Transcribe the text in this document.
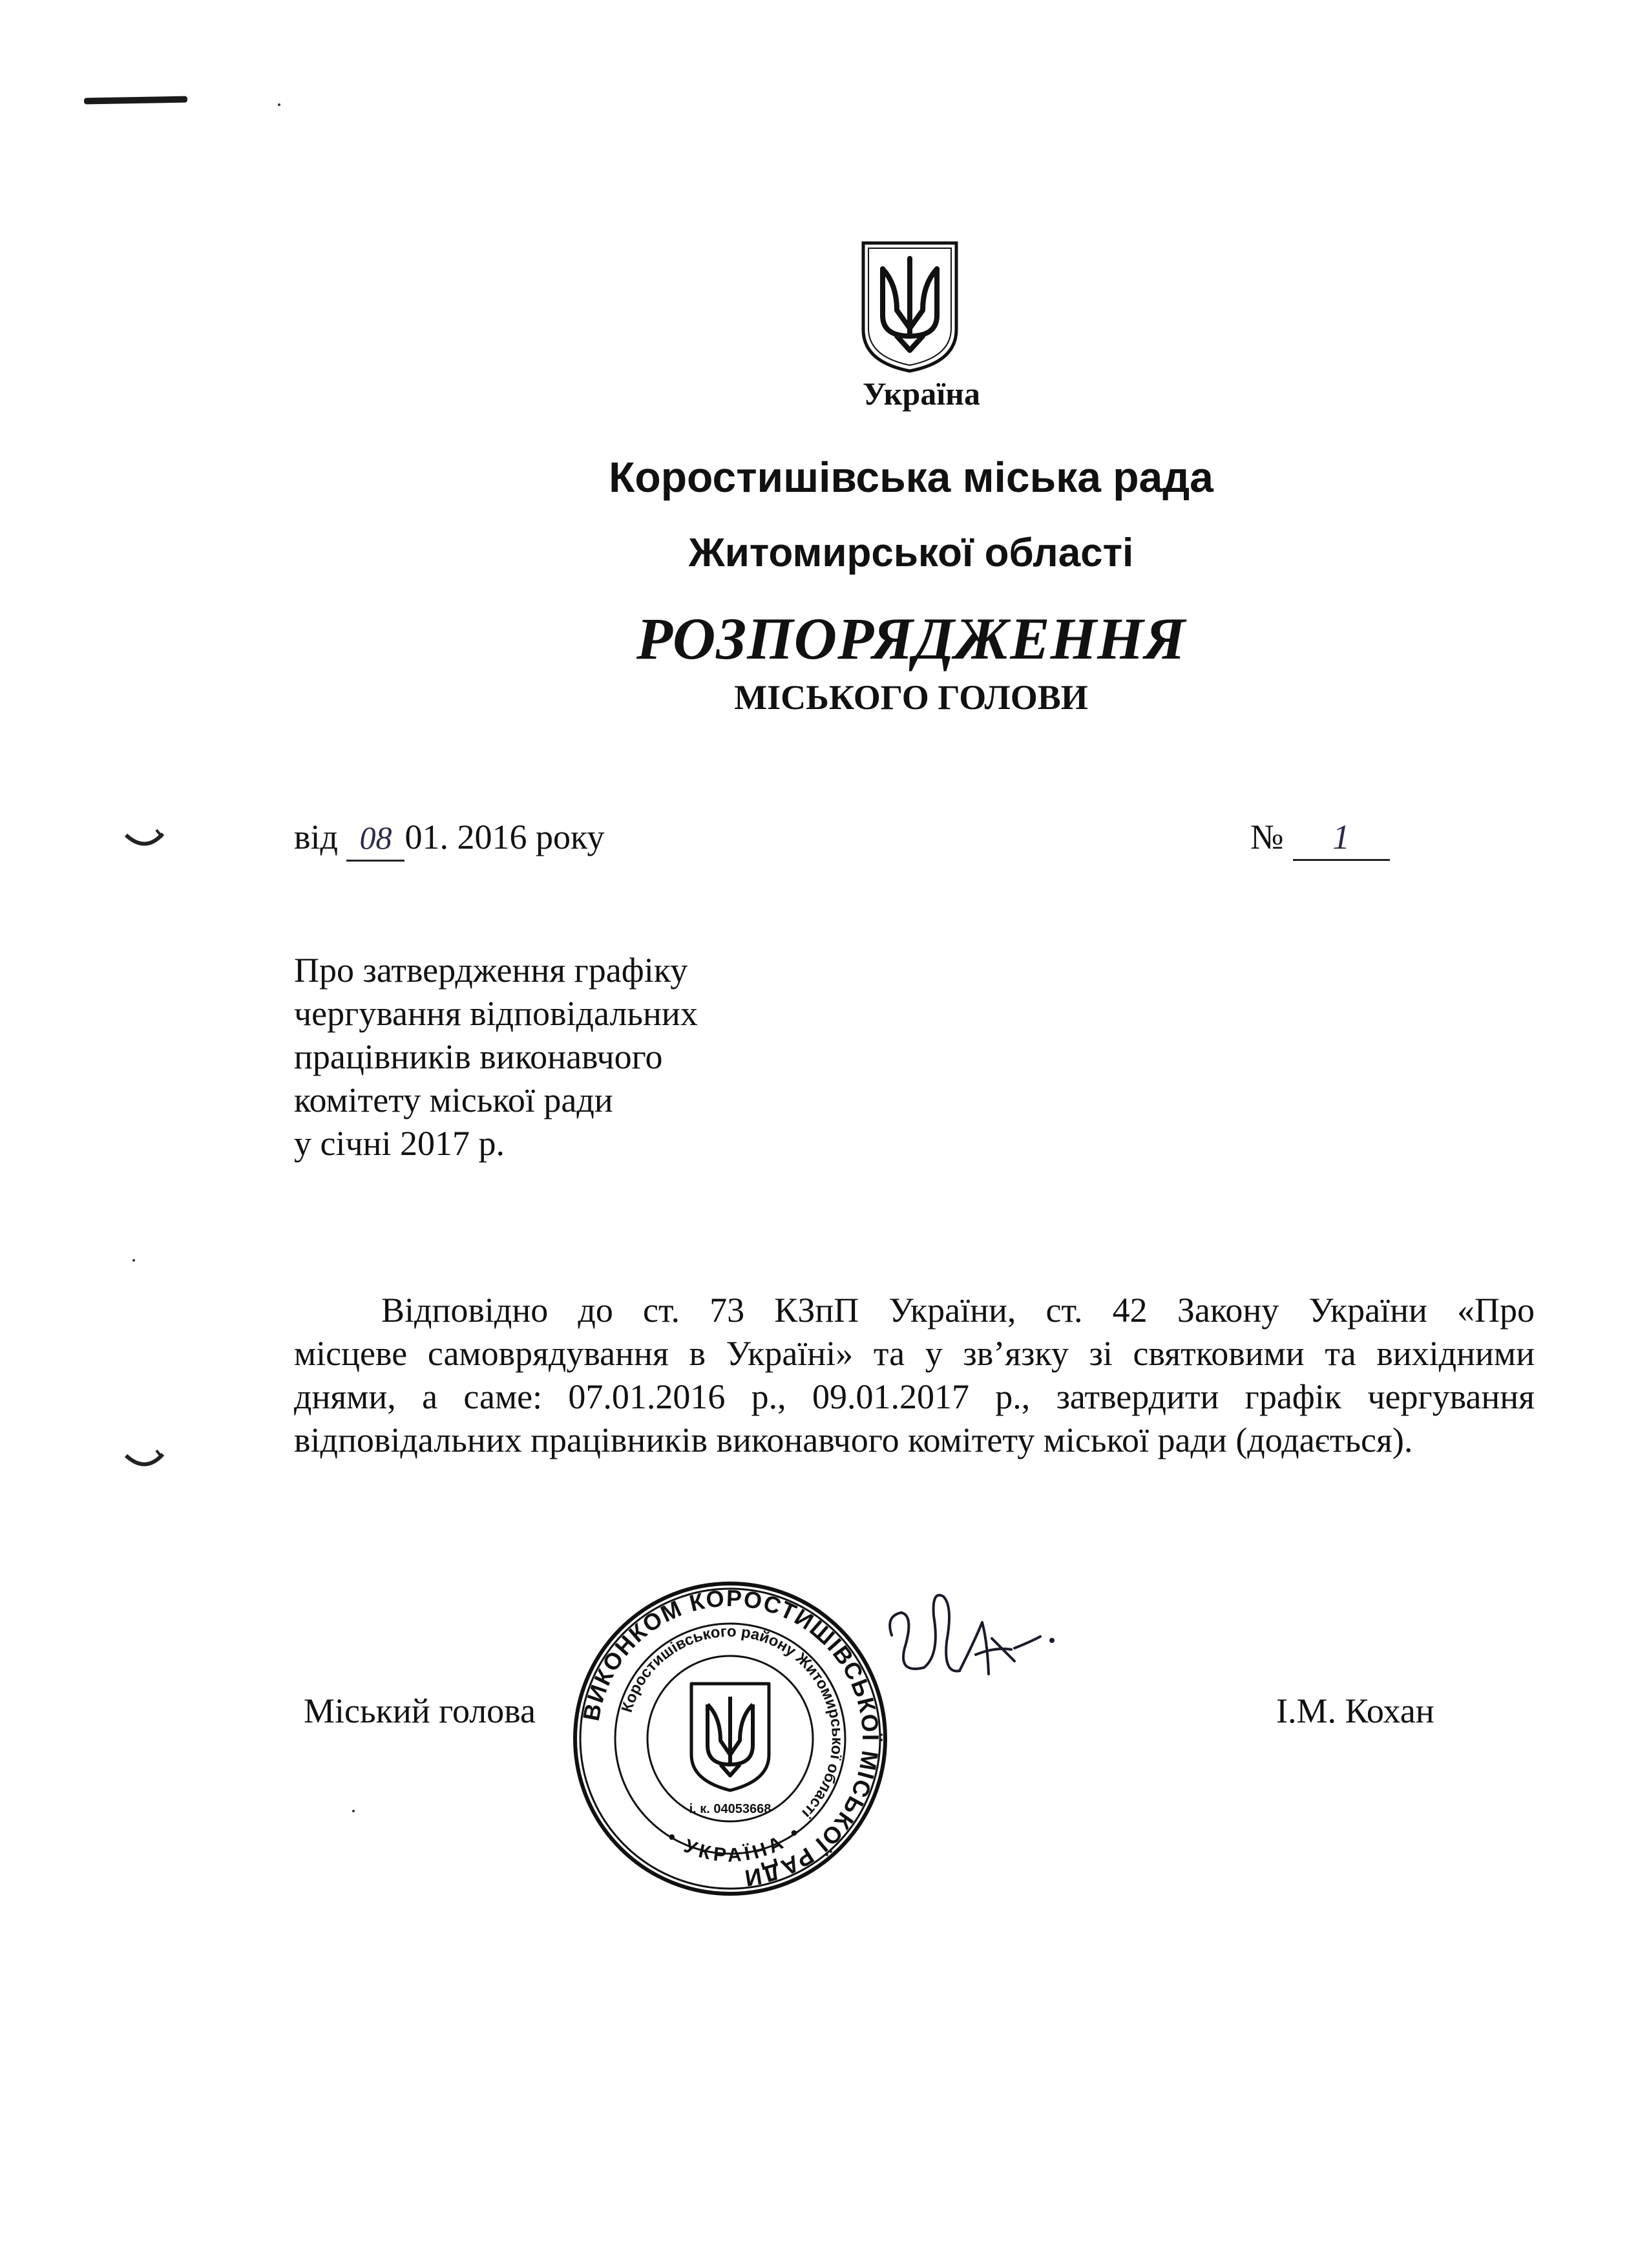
Україна
Коростишівська міська рада
Житомирської області
РОЗПОРЯДЖЕННЯ
МІСЬКОГО ГОЛОВИ
від 08 01. 2016 року	№ 1
Про затвердження графіку
чергування відповідальних
працівників виконавчого
комітету міської ради
у січні 2017 р.
Відповідно до ст. 73 КЗпП України, ст. 42 Закону України «Про
місцеве самоврядування в Україні» та у зв’язку зі святковими та вихідними
днями, а саме: 07.01.2016 р., 09.01.2017 р., затвердити графік чергування
відповідальних працівників виконавчого комітету міської ради (додається).
Міський голова ВИКОНКОМ КОРОСТИШІВСЬКОЇ МІСЬКОЇ РАДИ
Коростишівського району Житомирської області
• УКРАЇНА •
і. к. 04053668
І.М. Кохан
